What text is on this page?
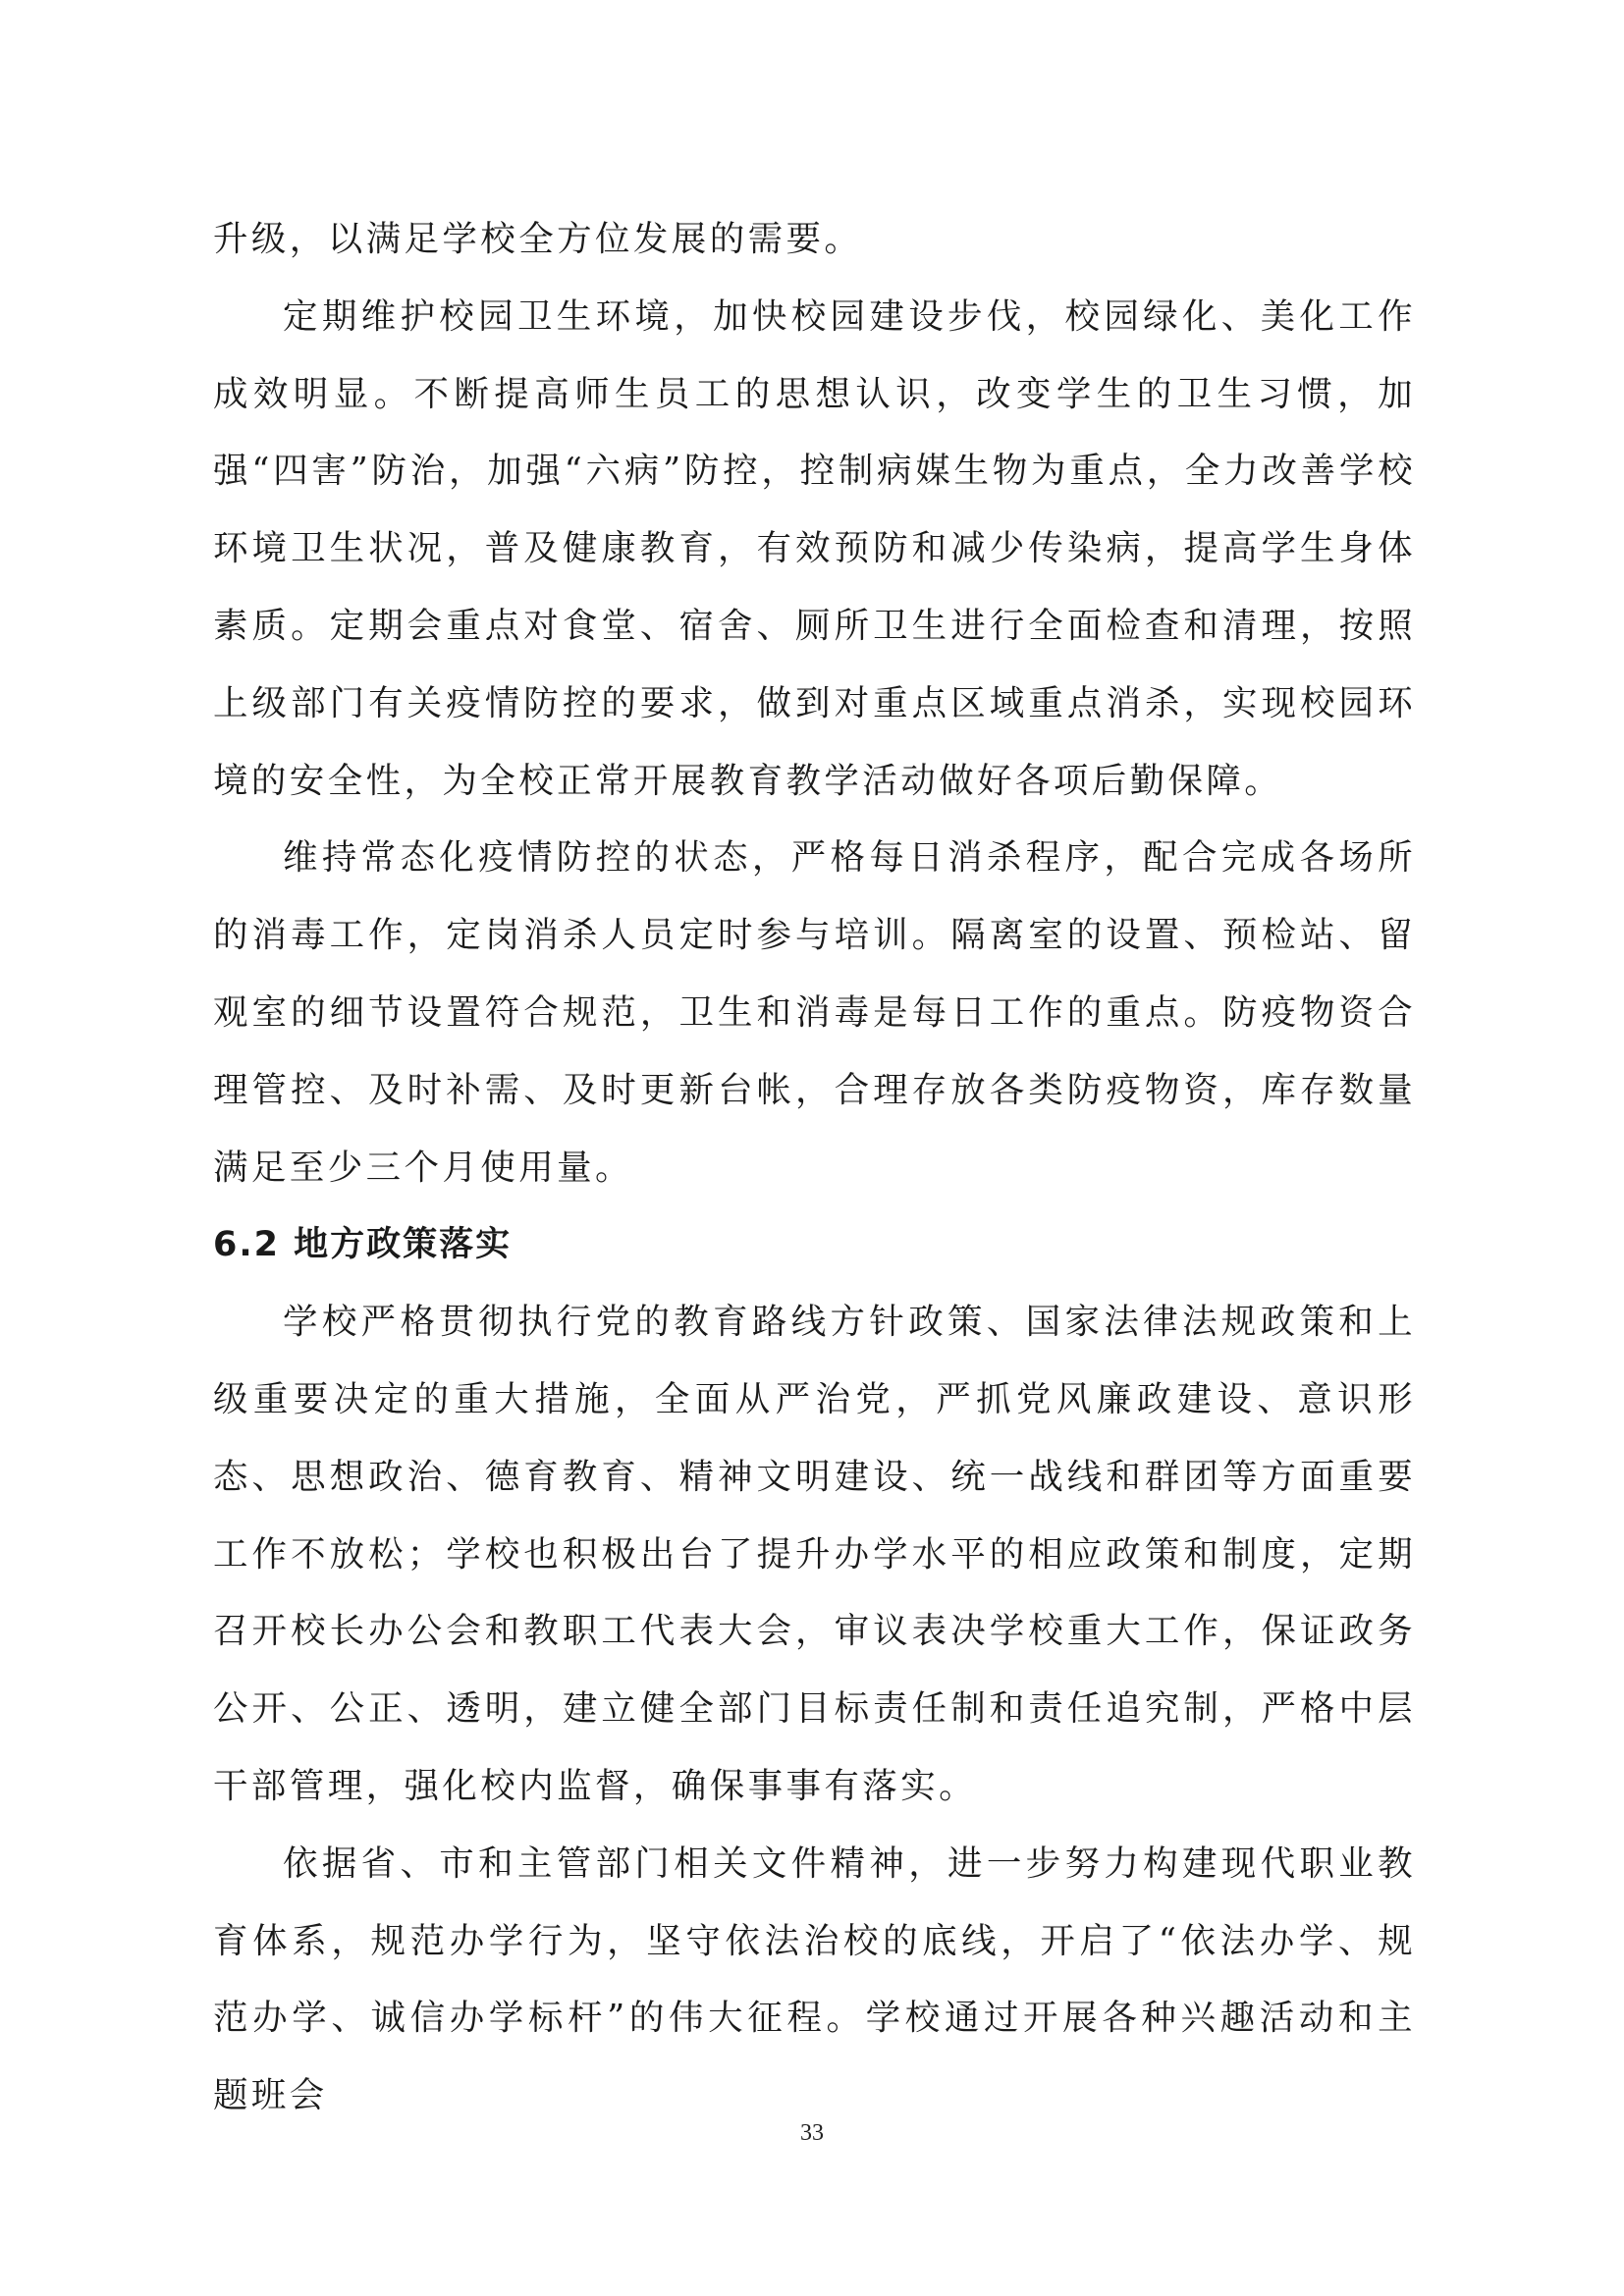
升级，以满足学校全方位发展的需要。

定期维护校园卫生环境，加快校园建设步伐，校园绿化、美化工作成效明显。不断提高师生员工的思想认识，改变学生的卫生习惯，加强“四害”防治，加强“六病”防控，控制病媒生物为重点，全力改善学校环境卫生状况，普及健康教育，有效预防和减少传染病，提高学生身体素质。定期会重点对食堂、宿舍、厕所卫生进行全面检查和清理，按照上级部门有关疫情防控的要求，做到对重点区域重点消杀，实现校园环境的安全性，为全校正常开展教育教学活动做好各项后勤保障。

维持常态化疫情防控的状态，严格每日消杀程序，配合完成各场所的消毒工作，定岗消杀人员定时参与培训。隔离室的设置、预检站、留观室的细节设置符合规范，卫生和消毒是每日工作的重点。防疫物资合理管控、及时补需、及时更新台帐，合理存放各类防疫物资，库存数量满足至少三个月使用量。

6.2 地方政策落实

学校严格贯彻执行党的教育路线方针政策、国家法律法规政策和上级重要决定的重大措施，全面从严治党，严抓党风廉政建设、意识形态、思想政治、德育教育、精神文明建设、统一战线和群团等方面重要工作不放松；学校也积极出台了提升办学水平的相应政策和制度，定期召开校长办公会和教职工代表大会，审议表决学校重大工作，保证政务公开、公正、透明，建立健全部门目标责任制和责任追究制，严格中层干部管理，强化校内监督，确保事事有落实。

依据省、市和主管部门相关文件精神，进一步努力构建现代职业教育体系，规范办学行为，坚守依法治校的底线，开启了“依法办学、规范办学、诚信办学标杆”的伟大征程。学校通过开展各种兴趣活动和主题班会

33
